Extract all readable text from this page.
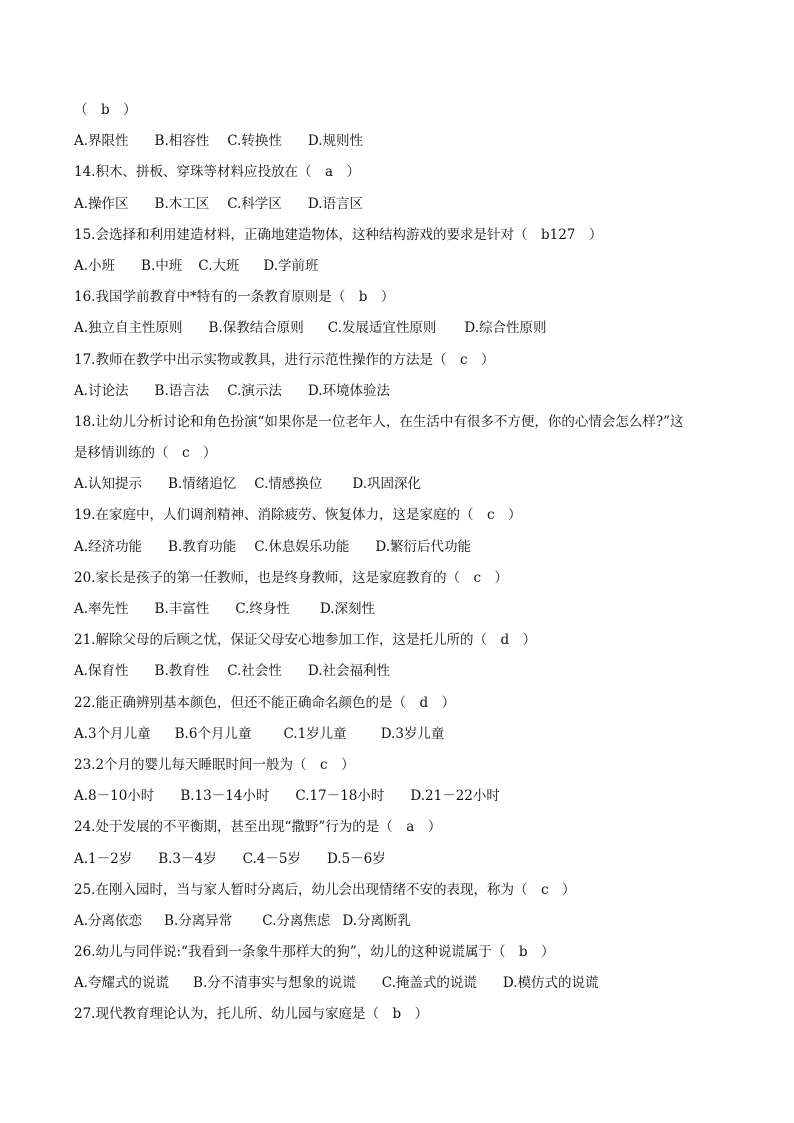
（　b　）
A.界限性 B.相容性 C.转换性 D.规则性
14.积木、拼板、穿珠等材料应投放在（　a　）
A.操作区 B.木工区 C.科学区 D.语言区
15.会选择和利用建造材料，正确地建造物体，这种结构游戏的要求是针对（　b127　）
A.小班 B.中班 C.大班 D.学前班
16.我国学前教育中*特有的一条教育原则是（　b　）
A.独立自主性原则 B.保教结合原则 C.发展适宜性原则 D.综合性原则
17.教师在教学中出示实物或教具，进行示范性操作的方法是（　c　）
A.讨论法 B.语言法 C.演示法 D.环境体验法
18.让幼儿分析讨论和角色扮演“如果你是一位老年人，在生活中有很多不方便，你的心情会怎么样?”这
是移情训练的（　c　）
A.认知提示 B.情绪追忆 C.情感换位 D.巩固深化
19.在家庭中，人们调剂精神、消除疲劳、恢复体力，这是家庭的（　c　）
A.经济功能 B.教育功能 C.休息娱乐功能 D.繁衍后代功能
20.家长是孩子的第一任教师，也是终身教师，这是家庭教育的（　c　）
A.率先性 B.丰富性 C.终身性 D.深刻性
21.解除父母的后顾之忧，保证父母安心地参加工作，这是托儿所的（　d　）
A.保育性 B.教育性 C.社会性 D.社会福利性
22.能正确辨别基本颜色，但还不能正确命名颜色的是（　d　）
A.3个月儿童 B.6个月儿童 C.1岁儿童	D.3岁儿童
23.2个月的婴儿每天睡眠时间一般为（　c　）
A.8－10小时 B.13－14小时 C.17－18小时 D.21－22小时
24.处于发展的不平衡期，甚至出现“撒野”行为的是（　a　）
A.1－2岁 B.3－4岁 C.4－5岁 D.5－6岁
25.在刚入园时，当与家人暂时分离后，幼儿会出现情绪不安的表现，称为（　c　）
A.分离依恋 B.分离异常 C.分离焦虑 D.分离断乳
26.幼儿与同伴说:“我看到一条象牛那样大的狗”，幼儿的这种说谎属于（　b　）
A.夸耀式的说谎 B.分不清事实与想象的说谎 C.掩盖式的说谎 D.模仿式的说谎
27.现代教育理论认为，托儿所、幼儿园与家庭是（　b　）
